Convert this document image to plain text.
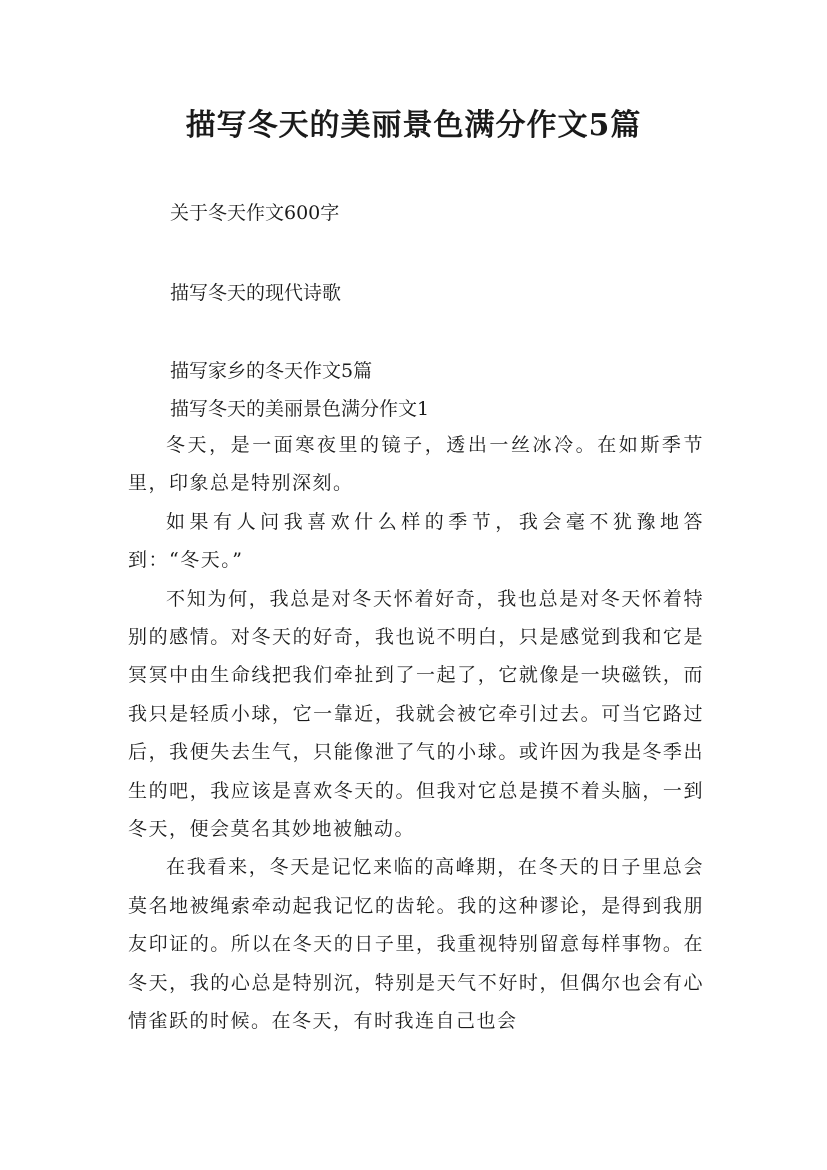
描写冬天的美丽景色满分作文5篇
关于冬天作文600字
描写冬天的现代诗歌
描写家乡的冬天作文5篇
描写冬天的美丽景色满分作文1

冬天，是一面寒夜里的镜子，透出一丝冰冷。在如斯季节里，印象总是特别深刻。

如果有人问我喜欢什么样的季节，我会毫不犹豫地答到：“冬天。”

不知为何，我总是对冬天怀着好奇，我也总是对冬天怀着特别的感情。对冬天的好奇，我也说不明白，只是感觉到我和它是冥冥中由生命线把我们牵扯到了一起了，它就像是一块磁铁，而我只是轻质小球，它一靠近，我就会被它牵引过去。可当它路过后，我便失去生气，只能像泄了气的小球。或许因为我是冬季出生的吧，我应该是喜欢冬天的。但我对它总是摸不着头脑，一到冬天，便会莫名其妙地被触动。

在我看来，冬天是记忆来临的高峰期，在冬天的日子里总会莫名地被绳索牵动起我记忆的齿轮。我的这种谬论，是得到我朋友印证的。所以在冬天的日子里，我重视特别留意每样事物。在冬天，我的心总是特别沉，特别是天气不好时，但偶尔也会有心情雀跃的时候。在冬天，有时我连自己也会
